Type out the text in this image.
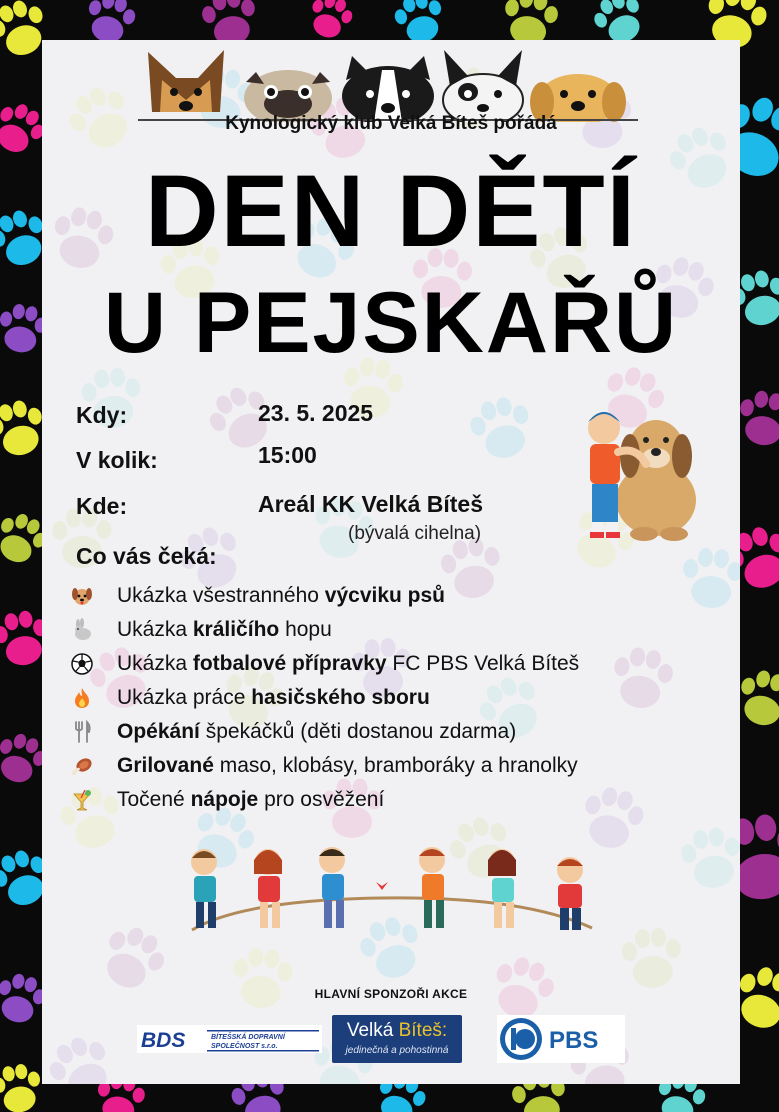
Kynologický klub Velká Bíteš pořádá
DEN DĚTÍ
U PEJSKAŘŮ
Kdy:	23. 5. 2025
V kolik:	15:00
Kde:	Areál KK Velká Bíteš
(bývalá cihelna)
Co vás čeká:
Ukázka všestranného výcviku psů
Ukázka králičího hopu
Ukázka fotbalové přípravky FC PBS Velká Bíteš
Ukázka práce hasičského sboru
Opékání špekáčků (děti dostanou zdarma)
Grilované maso, klobásy, bramboráky a hranolky
Točené nápoje pro osvěžení
HLAVNÍ SPONZOŘI AKCE
BDS	BÍTEŠSKÁ DOPRAVNÍ
SPOLEČNOST s.r.o.
Velká Bíteš:
jedinečná a pohostinná	PBS
